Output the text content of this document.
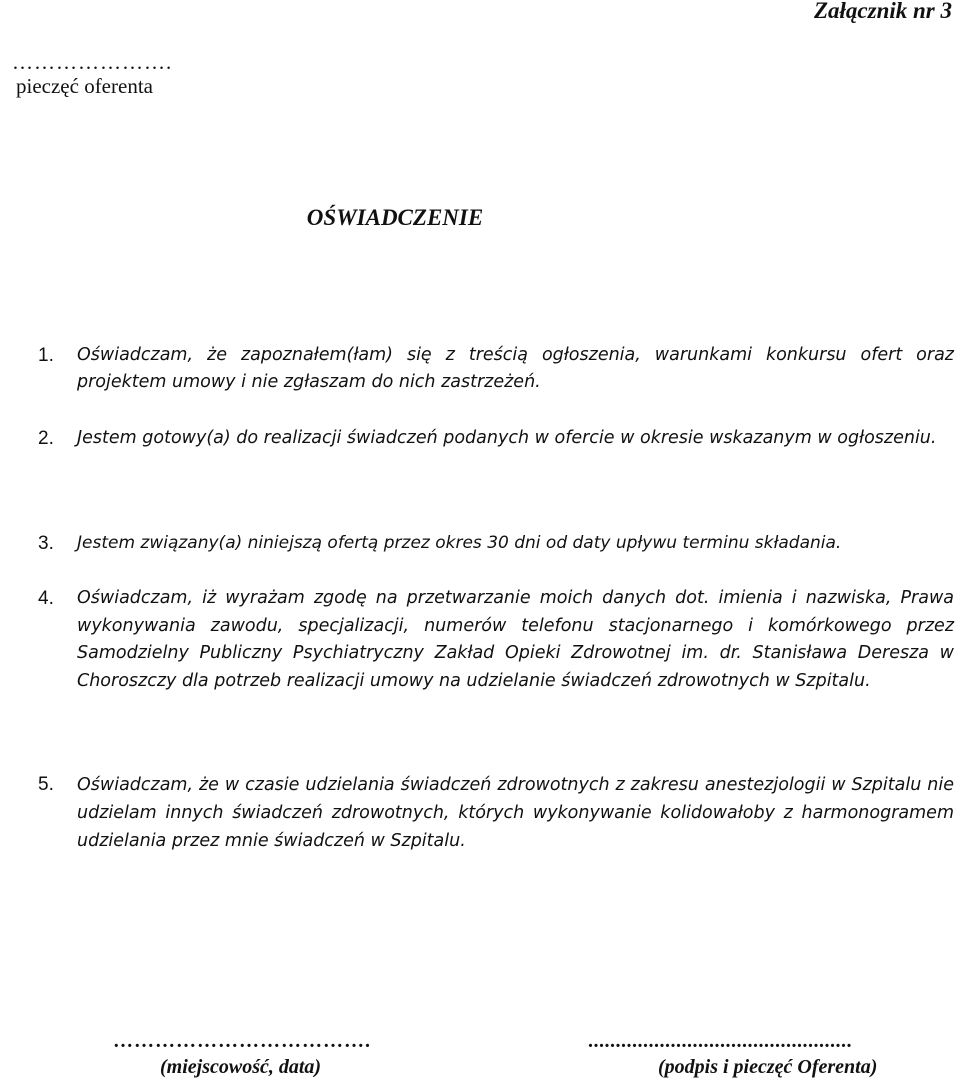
Załącznik nr 3
………………….
pieczęć oferenta
OŚWIADCZENIE
1. Oświadczam, że zapoznałem(łam) się z treścią ogłoszenia, warunkami konkursu ofert oraz projektem umowy i nie zgłaszam do nich zastrzeżeń.
2. Jestem gotowy(a) do realizacji świadczeń podanych w ofercie w okresie wskazanym w ogłoszeniu.
3. Jestem związany(a) niniejszą ofertą przez okres 30 dni od daty upływu terminu składania.
4. Oświadczam, iż wyrażam zgodę na przetwarzanie moich danych dot. imienia i nazwiska, Prawa wykonywania zawodu, specjalizacji, numerów telefonu stacjonarnego i komórkowego przez Samodzielny Publiczny Psychiatryczny Zakład Opieki Zdrowotnej im. dr. Stanisława Deresza w Choroszczy dla potrzeb realizacji umowy na udzielanie świadczeń zdrowotnych w Szpitalu.
5. Oświadczam, że w czasie udzielania świadczeń zdrowotnych z zakresu anestezjologii w Szpitalu nie udzielam innych świadczeń zdrowotnych, których wykonywanie kolidowałoby z harmonogramem udzielania przez mnie świadczeń w Szpitalu.
……………………………….	................................................
(miejscowość, data)	(podpis i pieczęć Oferenta)
